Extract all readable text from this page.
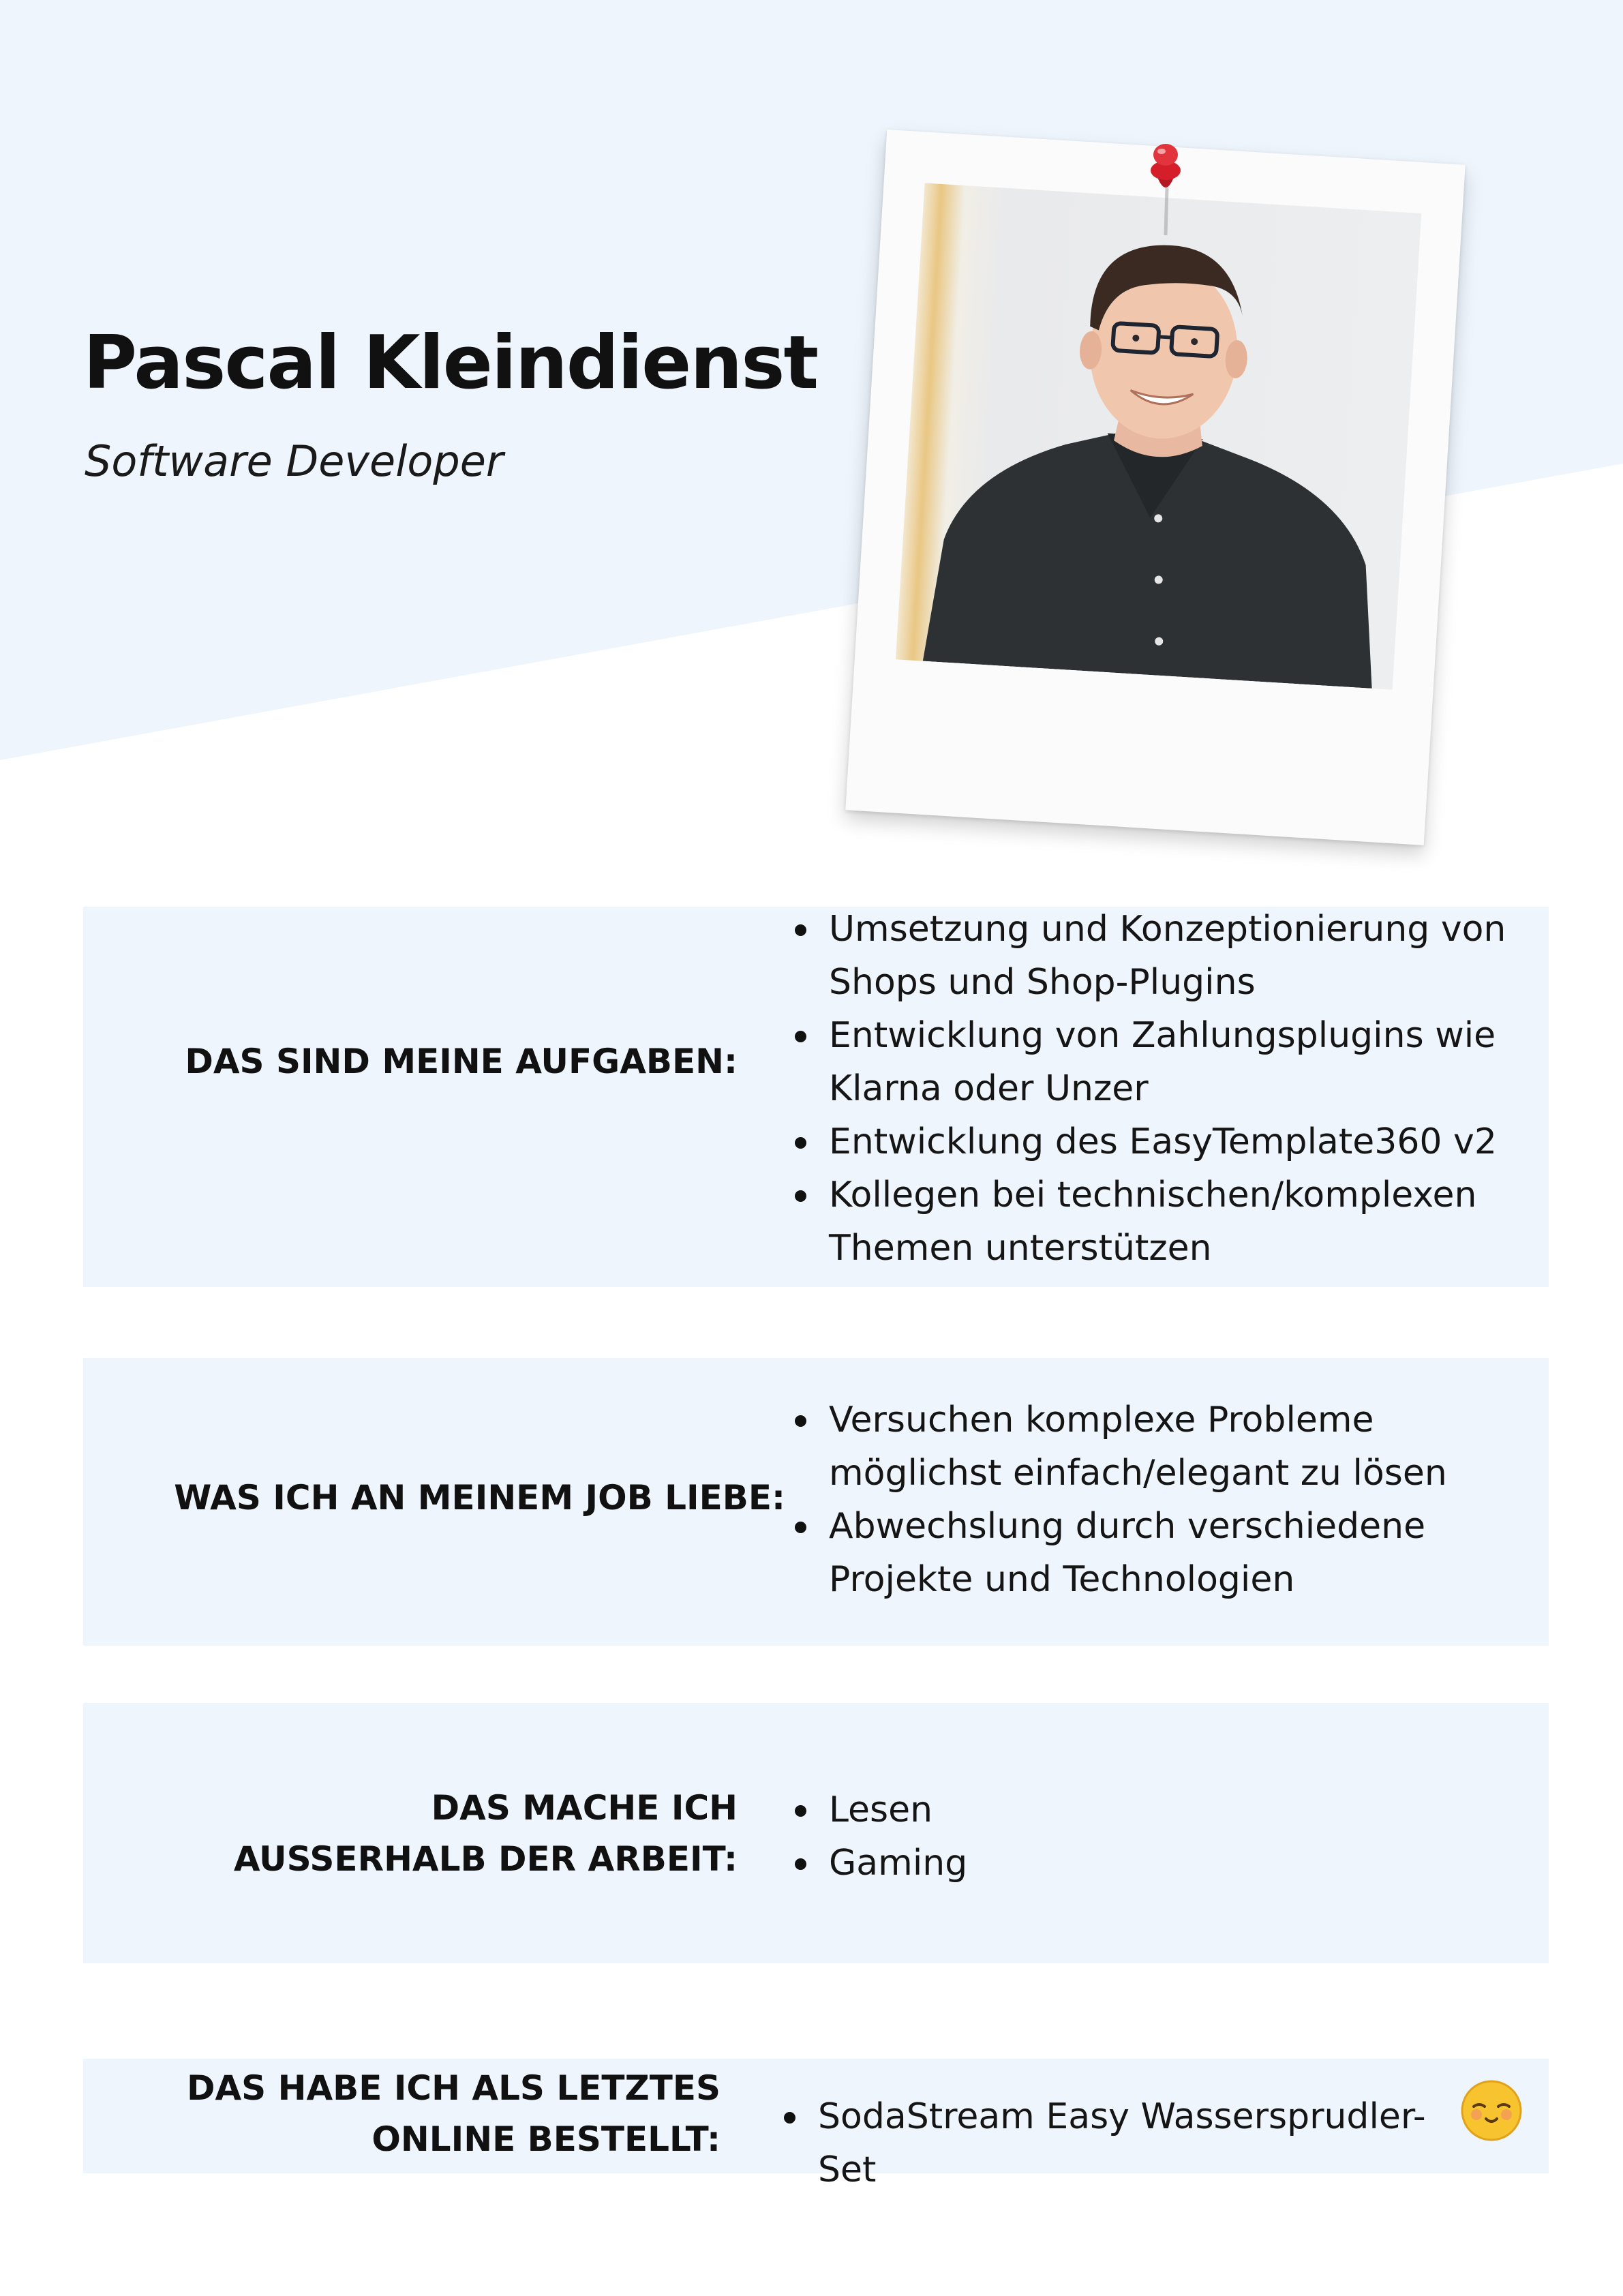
Pascal Kleindienst
Software Developer
DAS SIND MEINE AUFGABEN:
Umsetzung und Konzeptionierung von Shops und Shop-Plugins
Entwicklung von Zahlungsplugins wie Klarna oder Unzer
Entwicklung des EasyTemplate360 v2
Kollegen bei technischen/komplexen Themen unterstützen
WAS ICH AN MEINEM JOB LIEBE:
Versuchen komplexe Probleme möglichst einfach/elegant zu lösen
Abwechslung durch verschiedene Projekte und Technologien
DAS MACHE ICH
AUSSERHALB DER ARBEIT:
Lesen
Gaming
DAS HABE ICH ALS LETZTES
ONLINE BESTELLT:
SodaStream Easy Wassersprudler-Set
